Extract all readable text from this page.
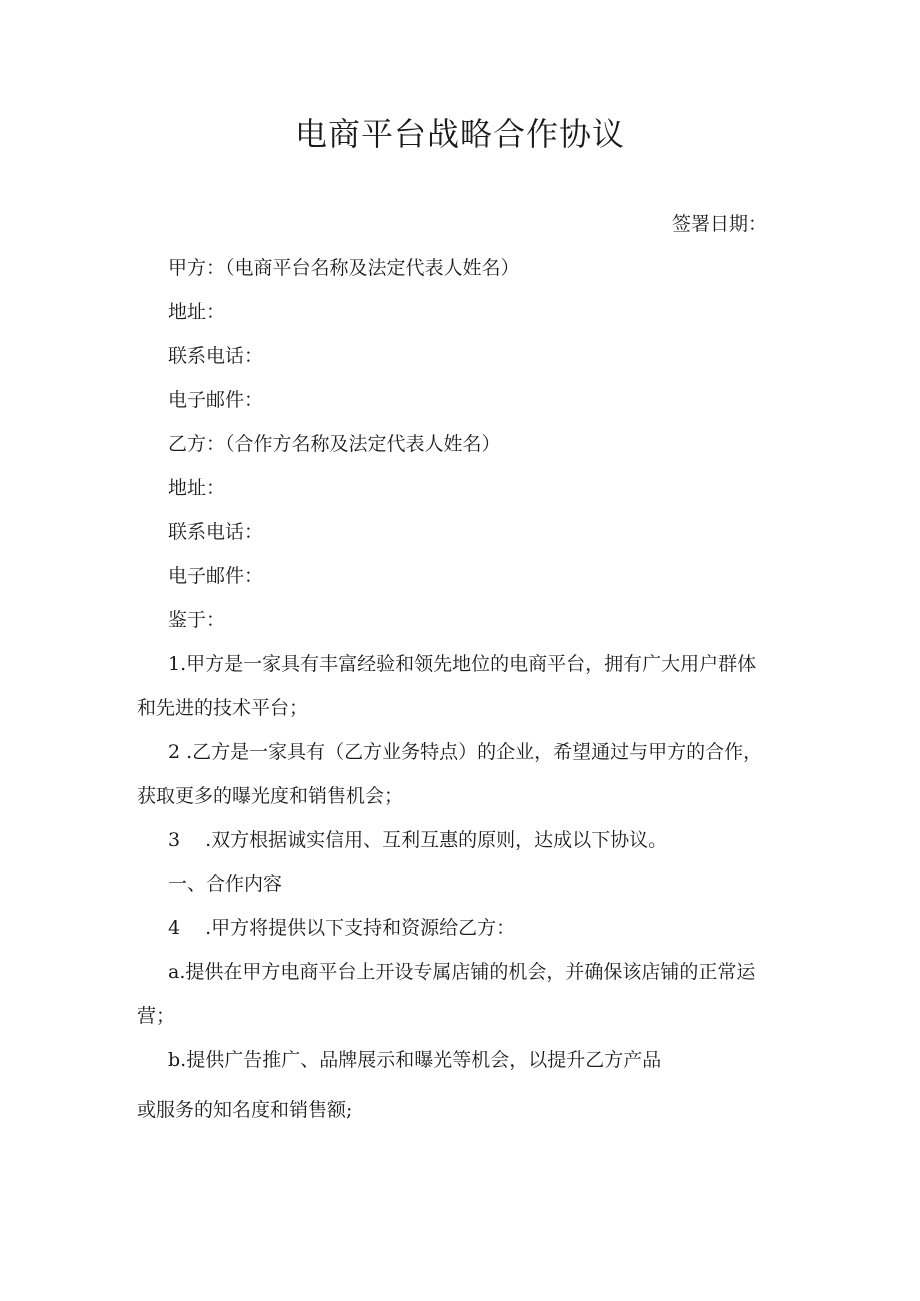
电商平台战略合作协议
签署日期：
甲方：（电商平台名称及法定代表人姓名）
地址：
联系电话：
电子邮件：
乙方：（合作方名称及法定代表人姓名）
地址：
联系电话：
电子邮件：
鉴于：
1.甲方是一家具有丰富经验和领先地位的电商平台，拥有广大用户群体
和先进的技术平台；
2 .乙方是一家具有（乙方业务特点）的企业，希望通过与甲方的合作，
获取更多的曝光度和销售机会；
3　 .双方根据诚实信用、互利互惠的原则，达成以下协议。
一、合作内容
4　 .甲方将提供以下支持和资源给乙方：
a.提供在甲方电商平台上开设专属店铺的机会，并确保该店铺的正常运
营；
b.提供广告推广、品牌展示和曝光等机会，以提升乙方产品
或服务的知名度和销售额;
